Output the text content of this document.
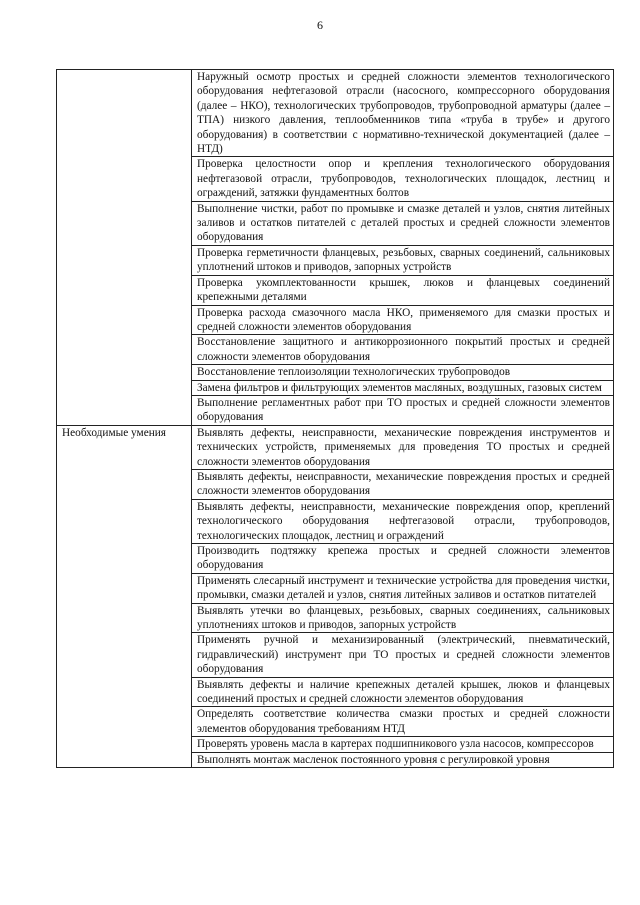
6
	Наружный осмотр простых и средней сложности элементов технологического оборудования нефтегазовой отрасли (насосного, компрессорного оборудования (далее – НКО), технологических трубопроводов, трубопроводной арматуры (далее – ТПА) низкого давления, теплообменников типа «труба в трубе» и другого оборудования) в соответствии с нормативно-технической документацией (далее – НТД)
	Проверка целостности опор и крепления технологического оборудования нефтегазовой отрасли, трубопроводов, технологических площадок, лестниц и ограждений, затяжки фундаментных болтов
	Выполнение чистки, работ по промывке и смазке деталей и узлов, снятия литейных заливов и остатков питателей с деталей простых и средней сложности элементов оборудования
	Проверка герметичности фланцевых, резьбовых, сварных соединений, сальниковых уплотнений штоков и приводов, запорных устройств
	Проверка укомплектованности крышек, люков и фланцевых соединений крепежными деталями
	Проверка расхода смазочного масла НКО, применяемого для смазки простых и средней сложности элементов оборудования
	Восстановление защитного и антикоррозионного покрытий простых и средней сложности элементов оборудования
	Восстановление теплоизоляции технологических трубопроводов
	Замена фильтров и фильтрующих элементов масляных, воздушных, газовых систем
	Выполнение регламентных работ при ТО простых и средней сложности элементов оборудования

Необходимые умения	Выявлять дефекты, неисправности, механические повреждения инструментов и технических устройств, применяемых для проведения ТО простых и средней сложности элементов оборудования
	Выявлять дефекты, неисправности, механические повреждения простых и средней сложности элементов оборудования
	Выявлять дефекты, неисправности, механические повреждения опор, креплений технологического оборудования нефтегазовой отрасли, трубопроводов, технологических площадок, лестниц и ограждений
	Производить подтяжку крепежа простых и средней сложности элементов оборудования
	Применять слесарный инструмент и технические устройства для проведения чистки, промывки, смазки деталей и узлов, снятия литейных заливов и остатков питателей
	Выявлять утечки во фланцевых, резьбовых, сварных соединениях, сальниковых уплотнениях штоков и приводов, запорных устройств
	Применять ручной и механизированный (электрический, пневматический, гидравлический) инструмент при ТО простых и средней сложности элементов оборудования
	Выявлять дефекты и наличие крепежных деталей крышек, люков и фланцевых соединений простых и средней сложности элементов оборудования
	Определять соответствие количества смазки простых и средней сложности элементов оборудования требованиям НТД
	Проверять уровень масла в картерах подшипникового узла насосов, компрессоров
	Выполнять монтаж масленок постоянного уровня с регулировкой уровня
